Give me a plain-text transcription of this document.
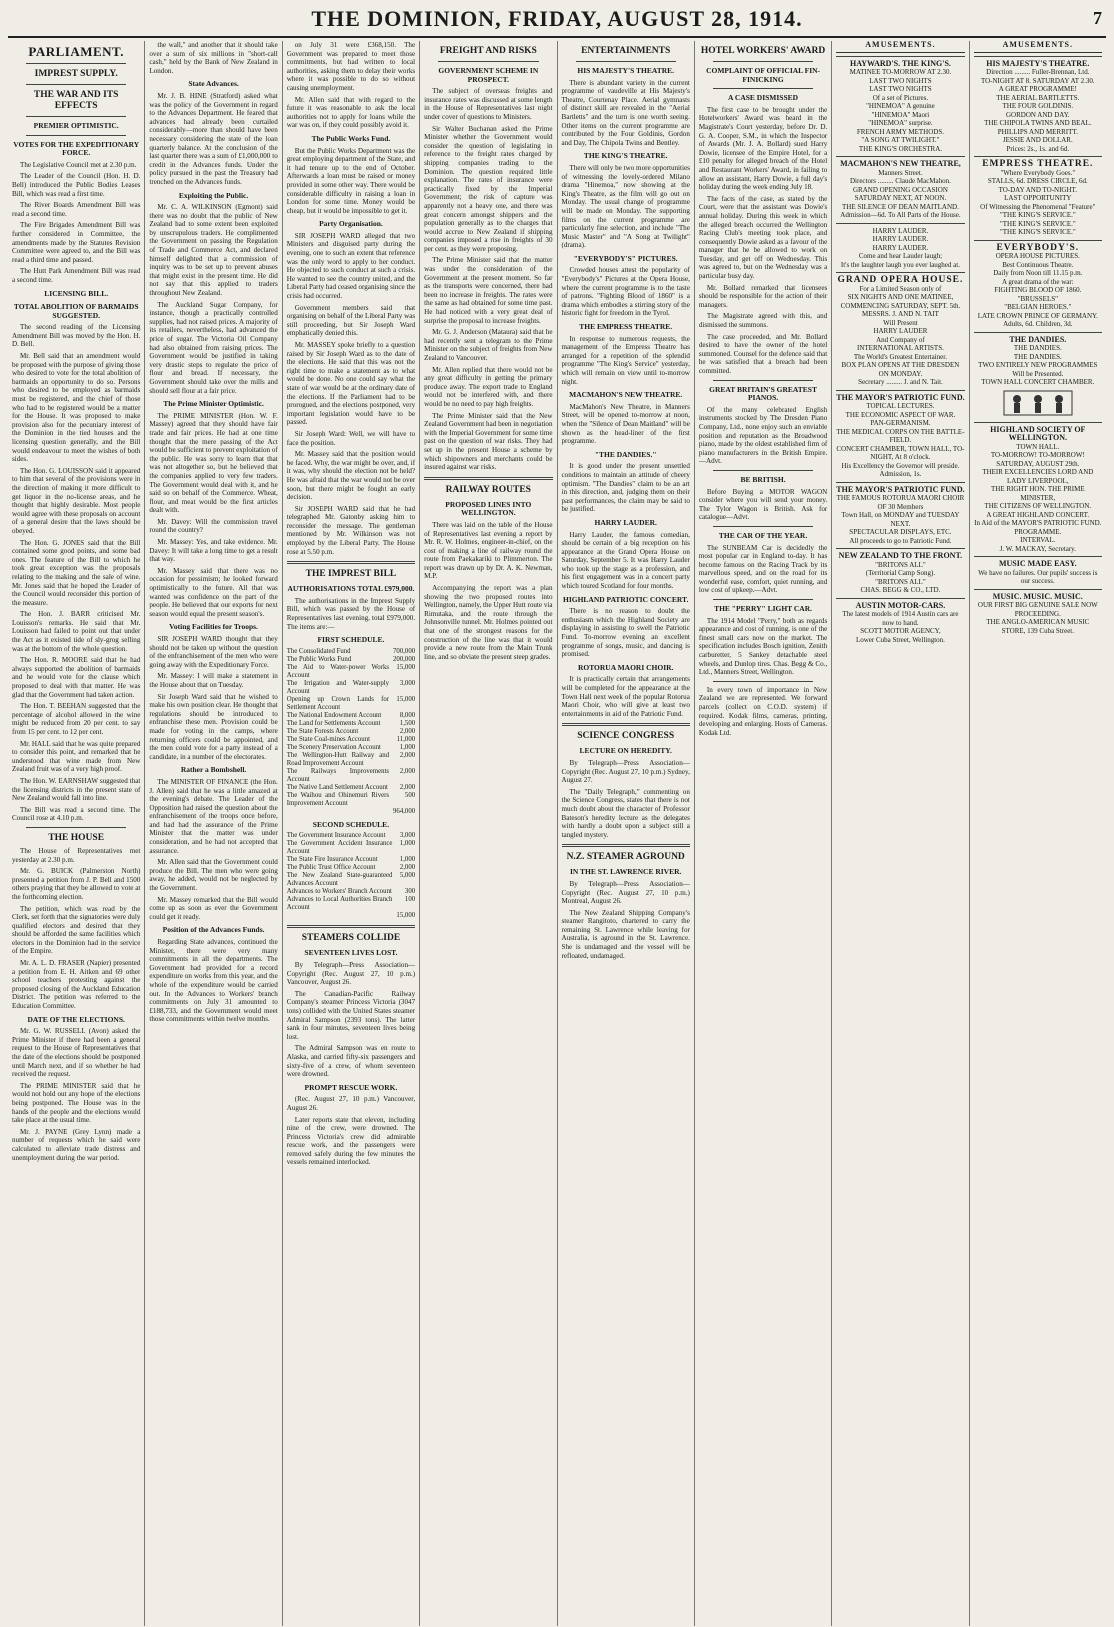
THE DOMINION, FRIDAY, AUGUST 28, 1914.	7
PARLIAMENT.
IMPREST SUPPLY.
THE WAR AND ITS EFFECTS
PREMIER OPTIMISTIC.
VOTES FOR THE EXPEDITIONARY FORCE.

The Legislative Council met at 2.30 p.m.

The Leader of the Council (Hon. H. D. Bell) introduced the Public Bodies Leases Bill, which was read a first time.

The River Boards Amendment Bill was read a second time.

The Fire Brigades Amendment Bill was further considered in Committee, the amendments made by the Statutes Revision Committee were agreed to, and the Bill was read a third time and passed.

The Hutt Park Amendment Bill was read a second time.

LICENSING BILL.
TOTAL ABOLITION OF BARMAIDS SUGGESTED.

The second reading of the Licensing Amendment Bill was moved by the Hon. H. D. Bell.

Mr. Bell said that an amendment would be proposed with the purpose of giving those who desired to vote for the total abolition of barmaids an opportunity to do so. Persons who desired to be employed as barmaids must be registered, and the chief of those who had to be registered would be a matter for the House. It was proposed to make provision also for the pecuniary interest of the Dominion in the tied houses and the licensing question generally, and the Bill would endeavour to meet the wishes of both sides.

The Hon. G. LOUISSON said it appeared to him that several of the provisions were in the direction of making it more difficult to get liquor in the no-license areas, and he thought that highly desirable. Most people would agree with these proposals on account of a general desire that the laws should be obeyed.

The Hon. G. JONES said that the Bill contained some good points, and some bad ones. The feature of the Bill to which he took great exception was the proposals relating to the making and the sale of wine. Mr. Jones said that he hoped the Leader of the Council would reconsider this portion of the measure.

The Hon. J. BARR criticised Mr. Louisson's remarks. He said that Mr. Louisson had failed to point out that under the Act as it existed tide of sly-grog selling was at the bottom of the whole question.

The Hon. R. MOORE said that he had always supported the abolition of barmaids and he would vote for the clause which proposed to deal with that matter. He was glad that the Government had taken action.

The Hon. T. BEEHAN suggested that the percentage of alcohol allowed in the wine might be reduced from 20 per cent. to say from 15 per cent. to 12 per cent.

Mr. HALL said that he was quite prepared to consider this point, and remarked that he understood that wine made from New Zealand fruit was of a very high proof.

The Hon. W. EARNSHAW suggested that the licensing districts in the present state of New Zealand would fall into line.

The Bill was read a second time. The Council rose at 4.10 p.m.

THE HOUSE

The House of Representatives met yesterday at 2.30 p.m.

Mr. G. BUICK (Palmerston North) presented a petition from J. P. Bell and 1500 others praying that they be allowed to vote at the forthcoming election.

The petition, which was read by the Clerk, set forth that the signatories were duly qualified electors and desired that they should be afforded the same facilities which electors in the Dominion had in the service of the Empire.

Mr. A. L. D. FRASER (Napier) presented a petition from E. H. Aitken and 69 other school teachers protesting against the proposed closing of the Auckland Education District. The petition was referred to the Education Committee.

DATE OF THE ELECTIONS.

Mr. G. W. RUSSELL (Avon) asked the Prime Minister if there had been a general request to the House of Representatives that the date of the elections should be postponed until March next, and if so whether he had received the request.

The PRIME MINISTER said that he would not hold out any hope of the elections being postponed. The House was in the hands of the people and the elections would take place at the usual time.

Mr. J. PAYNE (Grey Lynn) made a number of requests which he said were calculated to alleviate trade distress and unemployment during the war period.

the wall," and another that it should take over a sum of six millions in "short-call cash," held by the Bank of New Zealand in London.

State Advances.

Mr. J. B. HINE (Stratford) asked what was the policy of the Government in regard to the Advances Department. He feared that advances had already been curtailed considerably—more than should have been necessary considering the state of the loan quarterly balance. At the conclusion of the last quarter there was a sum of £1,000,000 to credit in the Advances funds. Under the policy pursued in the past the Treasury had trenched on the Advances funds.

Exploiting the Public.

Mr. C. A. WILKINSON (Egmont) said there was no doubt that the public of New Zealand had to some extent been exploited by unscrupulous traders. He complimented the Government on passing the Regulation of Trade and Commerce Act, and declared himself delighted that a commission of inquiry was to be set up to prevent abuses that might exist in the present time. He did not say that this applied to traders throughout New Zealand.

The Auckland Sugar Company, for instance, though a practically controlled supplies, had not raised prices. A majority of its retailers, nevertheless, had advanced the price of sugar. The Victoria Oil Company had also obtained from raising prices. The Government would be justified in taking very drastic steps to regulate the price of flour and bread. If necessary, the Government should take over the mills and should sell flour at a fair price.

The Prime Minister Optimistic.

The PRIME MINISTER (Hon. W. F. Massey) agreed that they should have fair trade and fair prices. He had at one time thought that the mere passing of the Act would be sufficient to prevent exploitation of the public. He was sorry to learn that that was not altogether so, but he believed that the companies applied to very few traders. The Government would deal with it, and he said so on behalf of the Commerce. Wheat, flour, and meat would be the first articles dealt with.

Mr. Davey: Will the commission travel round the country?

Mr. Massey: Yes, and take evidence. Mr. Davey: It will take a long time to get a result that way.

Mr. Massey said that there was no occasion for pessimism; he looked forward optimistically to the future. All that was wanted was confidence on the part of the people. He believed that our exports for next season would equal the present season's.

Voting Facilities for Troops.

SIR JOSEPH WARD thought that they should not be taken up without the question of the enfranchisement of the men who were going away with the Expeditionary Force.

Mr. Massey: I will make a statement in the House about that on Tuesday.

Sir Joseph Ward said that he wished to make his own position clear. He thought that regulations should be introduced to enfranchise these men. Provision could be made for voting in the camps, where returning officers could be appointed, and the men could vote for a party instead of a candidate, in a number of the electorates.

Rather a Bombshell.

The MINISTER OF FINANCE (the Hon. J. Allen) said that he was a little amazed at the evening's debate. The Leader of the Opposition had raised the question about the enfranchisement of the troops once before, and had had the assurance of the Prime Minister that the matter was under consideration, and he had not accepted that assurance.

Mr. Allen said that the Government could produce the Bill. The men who were going away, he added, would not be neglected by the Government.

Mr. Massey remarked that the Bill would come up as soon as ever the Government could get it ready.

Position of the Advances Funds.

Regarding State advances, continued the Minister, there were very many commitments in all the departments. The Government had provided for a record expenditure on works from this year, and the whole of the expenditure would be carried out. In the Advances to Workers' branch commitments on July 31 amounted to £188,733, and the Government would meet those commitments within twelve months.

on July 31 were £368,150. The Government was prepared to meet those commitments, but had written to local authorities, asking them to delay their works where it was possible to do so without causing unemployment.

Mr. Allen said that with regard to the future it was reasonable to ask the local authorities not to apply for loans while the war was on, if they could possibly avoid it.

The Public Works Fund.

But the Public Works Department was the great employing department of the State, and it had tenure up to the end of October. Afterwards a loan must be raised or money provided in some other way. There would be considerable difficulty in raising a loan in London for some time. Money would be cheap, but it would be impossible to get it.

Party Organisation.

SIR JOSEPH WARD alleged that two Ministers and disguised party during the evening, one to such an extent that reference was the only word to apply to her conduct. He objected to such conduct at such a crisis. He wanted to see the country united, and the Liberal Party had ceased organising since the crisis had occurred.

Government members said that organising on behalf of the Liberal Party was still proceeding, but Sir Joseph Ward emphatically denied this.

Mr. MASSEY spoke briefly to a question raised by Sir Joseph Ward as to the date of the elections. He said that this was not the right time to make a statement as to what would be done. No one could say what the state of war would be at the ordinary date of the elections. If the Parliament had to be prorogued, and the elections postponed, very important legislation would have to be passed.

Sir Joseph Ward: Well, we will have to face the position.

Mr. Massey said that the position would be faced. Why, the war might be over, and, if it was, why should the election not be held? He was afraid that the war would not be over soon, but there might be fought an early decision.

Sir JOSEPH WARD said that he had telegraphed Mr. Gatonby asking him to reconsider the message. The gentleman mentioned by Mr. Wilkinson was not employed by the Liberal Party. The House rose at 5.50 p.m.

THE IMPREST BILL
AUTHORISATIONS TOTAL £979,000.

The authorisations in the Imprest Supply Bill, which was passed by the House of Representatives last evening, total £979,000. The items are:—

FIRST SCHEDULE.
The Consolidated Fund	700,000
The Public Works Fund	200,000
The Aid to Water-power Works Account	15,000
The Irrigation and Water-supply Account	3,000
Opening up Crown Lands for Settlement Account	15,000
The National Endowment Account	8,000
The Land for Settlements Account	1,500
The State Forests Account	2,000
The State Coal-mines Account	11,000
The Scenery Preservation Account	1,000
The Wellington-Hutt Railway and Road Improvement Account	2,000
The Railways Improvements Account	2,000
The Native Land Settlement Account	2,000
The Waihou and Ohinemuri Rivers Improvement Account	500
	964,000
SECOND SCHEDULE.
The Government Insurance Account	3,000
The Government Accident Insurance Account	1,000
The State Fire Insurance Account	1,000
The Public Trust Office Account	2,000
The New Zealand State-guaranteed Advances Account	5,000
Advances to Workers' Branch Account	300
Advances to Local Authorities Branch Account	100
	15,000
STEAMERS COLLIDE
SEVENTEEN LIVES LOST.

By Telegraph—Press Association—Copyright (Rec. August 27, 10 p.m.) Vancouver, August 26.

The Canadian-Pacific Railway Company's steamer Princess Victoria (3047 tons) collided with the United States steamer Admiral Sampson (2393 tons). The latter sank in four minutes, seventeen lives being lost.

The Admiral Sampson was en route to Alaska, and carried fifty-six passengers and sixty-five of a crew, of whom seventeen were drowned.

PROMPT RESCUE WORK.

(Rec. August 27, 10 p.m.) Vancouver, August 26.

Later reports state that eleven, including nine of the crew, were drowned. The Princess Victoria's crew did admirable rescue work, and the passengers were removed safely during the few minutes the vessels remained interlocked.

FREIGHT AND RISKS
GOVERNMENT SCHEME IN PROSPECT.

The subject of overseas freights and insurance rates was discussed at some length in the House of Representatives last night under cover of questions to Ministers.

Sir Walter Buchanan asked the Prime Minister whether the Government would consider the question of legislating in reference to the freight rates charged by shipping companies trading to the Dominion. The question required little explanation. The rates of insurance were practically fixed by the Imperial Government; the risk of capture was apparently not a heavy one, and there was great concern amongst shippers and the population generally as to the charges that would accrue to New Zealand if shipping companies imposed a rise in freights of 30 per cent. as they were proposing.

The Prime Minister said that the matter was under the consideration of the Government at the present moment. So far as the transports were concerned, there had been no increase in freights. The rates were the same as had obtained for some time past. He had noticed with a very great deal of surprise the proposal to increase freights.

Mr. G. J. Anderson (Mataura) said that he had recently sent a telegram to the Prime Minister on the subject of freights from New Zealand to Vancouver.

Mr. Allen replied that there would not be any great difficulty in getting the primary produce away. The export trade to England would not be interfered with, and there would be no need to pay high freights.

The Prime Minister said that the New Zealand Government had been in negotiation with the Imperial Government for some time past on the question of war risks. They had set up in the present House a scheme by which shipowners and merchants could be insured against war risks.

RAILWAY ROUTES
PROPOSED LINES INTO WELLINGTON.

There was laid on the table of the House of Representatives last evening a report by Mr. R. W. Holmes, engineer-in-chief, on the cost of making a line of railway round the route from Paekakariki to Plimmerton. The report was drawn up by Dr. A. K. Newman, M.P.

Accompanying the report was a plan showing the two proposed routes into Wellington, namely, the Upper Hutt route via Rimutaka, and the route through the Johnsonville tunnel. Mr. Holmes pointed out that one of the strongest reasons for the construction of the line was that it would provide a new route from the Main Trunk line, and so obviate the present steep grades.

ENTERTAINMENTS
HIS MAJESTY'S THEATRE.

There is abundant variety in the current programme of vaudeville at His Majesty's Theatre, Courtenay Place. Aerial gymnasts of distinct skill are revealed in the "Aerial Bartletts" and the turn is one worth seeing. Other items on the current programme are contributed by the Four Goldinis, Gordon and Day, The Chipola Twins and Bentley.

THE KING'S THEATRE.

There will only be two more opportunities of witnessing the lovely-ordered Milano drama "Hinemoa," now showing at the King's Theatre, as the film will go out on Monday. The usual change of programme will be made on Monday. The supporting films on the current programme are particularly fine selection, and include "The Music Master" and "A Song at Twilight" (drama).

"EVERYBODY'S" PICTURES.

Crowded houses attest the popularity of "Everybody's" Pictures at the Opera House, where the current programme is to the taste of patrons. "Fighting Blood of 1860" is a drama which embodies a stirring story of the historic fight for freedom in the Tyrol.

THE EMPRESS THEATRE.

In response to numerous requests, the management of the Empress Theatre has arranged for a repetition of the splendid programme "The King's Service" yesterday, which will remain on view until to-morrow night.

MACMAHON'S NEW THEATRE.

MacMahon's New Theatre, in Manners Street, will be opened to-morrow at noon, when the "Silence of Dean Maitland" will be shown as the head-liner of the first programme.

"THE DANDIES."

It is good under the present unsettled conditions to maintain an attitude of cheery optimism. "The Dandies" claim to be an art in this direction, and, judging them on their past performances, the claim may be said to be justified.

HARRY LAUDER.

Harry Lauder, the famous comedian, should be certain of a big reception on his appearance at the Grand Opera House on Saturday, September 5. It was Harry Lauder who took up the stage as a profession, and his first engagement was in a concert party which toured Scotland for four months.

HIGHLAND PATRIOTIC CONCERT.

There is no reason to doubt the enthusiasm which the Highland Society are displaying in assisting to swell the Patriotic Fund. To-morrow evening an excellent programme of songs, music, and dancing is promised.

ROTORUA MAORI CHOIR.

It is practically certain that arrangements will be completed for the appearance at the Town Hall next week of the popular Rotorua Maori Choir, who will give at least two entertainments in aid of the Patriotic Fund.

SCIENCE CONGRESS
LECTURE ON HEREDITY.

By Telegraph—Press Association—Copyright (Rec. August 27, 10 p.m.) Sydney, August 27.

The "Daily Telegraph," commenting on the Science Congress, states that there is not much doubt about the character of Professor Bateson's heredity lecture as the delegates with hardly a doubt upon a subject still a tangled mystery.

N.Z. STEAMER AGROUND
IN THE ST. LAWRENCE RIVER.

By Telegraph—Press Association—Copyright (Rec. August 27, 10 p.m.) Montreal, August 26.

The New Zealand Shipping Company's steamer Rangitoto, chartered to carry the remaining St. Lawrence while leaving for Australia, is aground in the St. Lawrence. She is undamaged and the vessel will be refloated, undamaged.

HOTEL WORKERS' AWARD
COMPLAINT OF OFFICIAL FIN-FINICKING
A CASE DISMISSED

The first case to be brought under the Hotelworkers' Award was heard in the Magistrate's Court yesterday, before Dr. D. G. A. Cooper, S.M., in which the Inspector of Awards (Mr. J. A. Bollard) sued Harry Dowie, licensee of the Empire Hotel, for a £10 penalty for alleged breach of the Hotel and Restaurant Workers' Award, in failing to allow an assistant, Harry Dowie, a full day's holiday during the week ending July 18.

The facts of the case, as stated by the Court, were that the assistant was Dowie's annual holiday. During this week in which the alleged breach occurred the Wellington Racing Club's meeting took place, and consequently Dowie asked as a favour of the manager that he be allowed to work on Tuesday, and get off on Wednesday. This was agreed to, but on the Wednesday was a particular busy day.

Mr. Bollard remarked that licensees should be responsible for the action of their managers.

The Magistrate agreed with this, and dismissed the summons.

The case proceeded, and Mr. Bollard desired to have the owner of the hotel summoned. Counsel for the defence said that he was satisfied that a breach had been committed.

GREAT BRITAIN'S GREATEST PIANOS.

Of the many celebrated English instruments stocked by The Dresden Piano Company, Ltd., none enjoy such an enviable position and reputation as the Broadwood piano, made by the oldest established firm of piano manufacturers in the British Empire.—Advt.

BE BRITISH.

Before Buying a MOTOR WAGON consider where you will send your money. The Tylor Wagon is British. Ask for catalogue—Advt.

THE CAR OF THE YEAR.

The SUNBEAM Car is decidedly the most popular car in England to-day. It has become famous on the Racing Track by its marvellous speed, and on the road for its wonderful ease, comfort, quiet running, and low cost of upkeep.—Advt.

THE "PERRY" LIGHT CAR.

The 1914 Model "Perry," both as regards appearance and cost of running, is one of the finest small cars now on the market. The specification includes Bosch ignition, Zenith carburetter, 5 Sankey detachable steel wheels, and Dunlop tires. Chas. Begg & Co., Ltd., Manners Street, Wellington.

In every town of importance in New Zealand we are represented. We forward parcels (collect on C.O.D. system) if required. Kodak films, cameras, printing, developing and enlarging. Hosts of Cameras. Kodak Ltd.

AMUSEMENTS.
HAYWARD'S. THE KING'S.
MATINEE TO-MORROW AT 2.30.
LAST TWO NIGHTS
LAST TWO NIGHTS
Of a set of Pictures.
"HINEMOA" A genuine
"HINEMOA" Maori
"HINEMOA" surprise.
FRENCH ARMY METHODS.
"A SONG AT TWILIGHT."
THE KING'S ORCHESTRA.
MACMAHON'S NEW THEATRE,
Manners Street.
Directors ......... Claude MacMahon.
GRAND OPENING OCCASION
SATURDAY NEXT, AT NOON.
THE SILENCE OF DEAN MAITLAND.
Admission—6d. To All Parts of the House.
HARRY LAUDER.
HARRY LAUDER.
HARRY LAUDER.
Come and hear Lauder laugh;
It's the laughter laugh you ever laughed at.
GRAND OPERA HOUSE.
For a Limited Season only of
SIX NIGHTS AND ONE MATINEE,
COMMENCING SATURDAY, SEPT. 5th.
MESSRS. J. AND N. TAIT
Will Present
HARRY LAUDER
And Company of
INTERNATIONAL ARTISTS.
The World's Greatest Entertainer.
BOX PLAN OPENS AT THE DRESDEN ON MONDAY.
Secretary ......... J. and N. Tait.
THE MAYOR'S PATRIOTIC FUND.
TOPICAL LECTURES.
THE ECONOMIC ASPECT OF WAR.
PAN-GERMANISM.
THE MEDICAL CORPS ON THE BATTLE-FIELD.
CONCERT CHAMBER, TOWN HALL, TO-NIGHT, At 8 o'clock.
His Excellency the Governor will preside.
Admission, 1s.
THE MAYOR'S PATRIOTIC FUND.
THE FAMOUS ROTORUA MAORI CHOIR OF 30 Members
Town Hall, on MONDAY and TUESDAY NEXT.
SPECTACULAR DISPLAYS, ETC.
All proceeds to go to Patriotic Fund.
NEW ZEALAND TO THE FRONT.
"BRITONS ALL"
(Territorial Camp Song).
"BRITONS ALL"
CHAS. BEGG & CO., LTD.
AUSTIN MOTOR-CARS.
The latest models of 1914 Austin cars are now to hand.
SCOTT MOTOR AGENCY,
Lower Cuba Street, Wellington.
AMUSEMENTS.
HIS MAJESTY'S THEATRE.
Direction ......... Fuller-Brennan, Ltd.
TO-NIGHT AT 8. SATURDAY AT 2.30.
A GREAT PROGRAMME!
THE AERIAL BARTLETTS.
THE FOUR GOLDINIS.
GORDON AND DAY.
THE CHIPOLA TWINS AND BEAL.
PHILLIPS AND MERRITT.
JESSIE AND DOLLAR.
Prices: 2s., 1s. and 6d.
EMPRESS THEATRE.
"Where Everybody Goes."
STALLS, 6d. DRESS CIRCLE, 6d.
TO-DAY AND TO-NIGHT.
LAST OPPORTUNITY
Of Witnessing the Phenomenal "Feature"
"THE KING'S SERVICE."
"THE KING'S SERVICE."
"THE KING'S SERVICE."
EVERYBODY'S.
OPERA HOUSE PICTURES.
Best Continuous Theatre.
Daily from Noon till 11.15 p.m.
A great drama of the war:
FIGHTING BLOOD OF 1860.
"BRUSSELS"
"BELGIAN HEROES."
LATE CROWN PRINCE OF GERMANY.
Adults, 6d. Children, 3d.
THE DANDIES.
THE DANDIES.
THE DANDIES.
TWO ENTIRELY NEW PROGRAMMES
Will be Presented.
TOWN HALL CONCERT CHAMBER.
HIGHLAND SOCIETY OF WELLINGTON.
TOWN HALL.
TO-MORROW! TO-MORROW!
SATURDAY, AUGUST 29th.
THEIR EXCELLENCIES LORD AND LADY LIVERPOOL,
THE RIGHT HON. THE PRIME MINISTER,
THE CITIZENS OF WELLINGTON.
A GREAT HIGHLAND CONCERT.
In Aid of the MAYOR'S PATRIOTIC FUND.
PROGRAMME.
INTERVAL.
J. W. MACKAY, Secretary.
MUSIC MADE EASY.
We have no failures. Our pupils' success is our success.
MUSIC. MUSIC. MUSIC.
OUR FIRST BIG GENUINE SALE NOW PROCEEDING.
THE ANGLO-AMERICAN MUSIC STORE, 139 Cuba Street.
